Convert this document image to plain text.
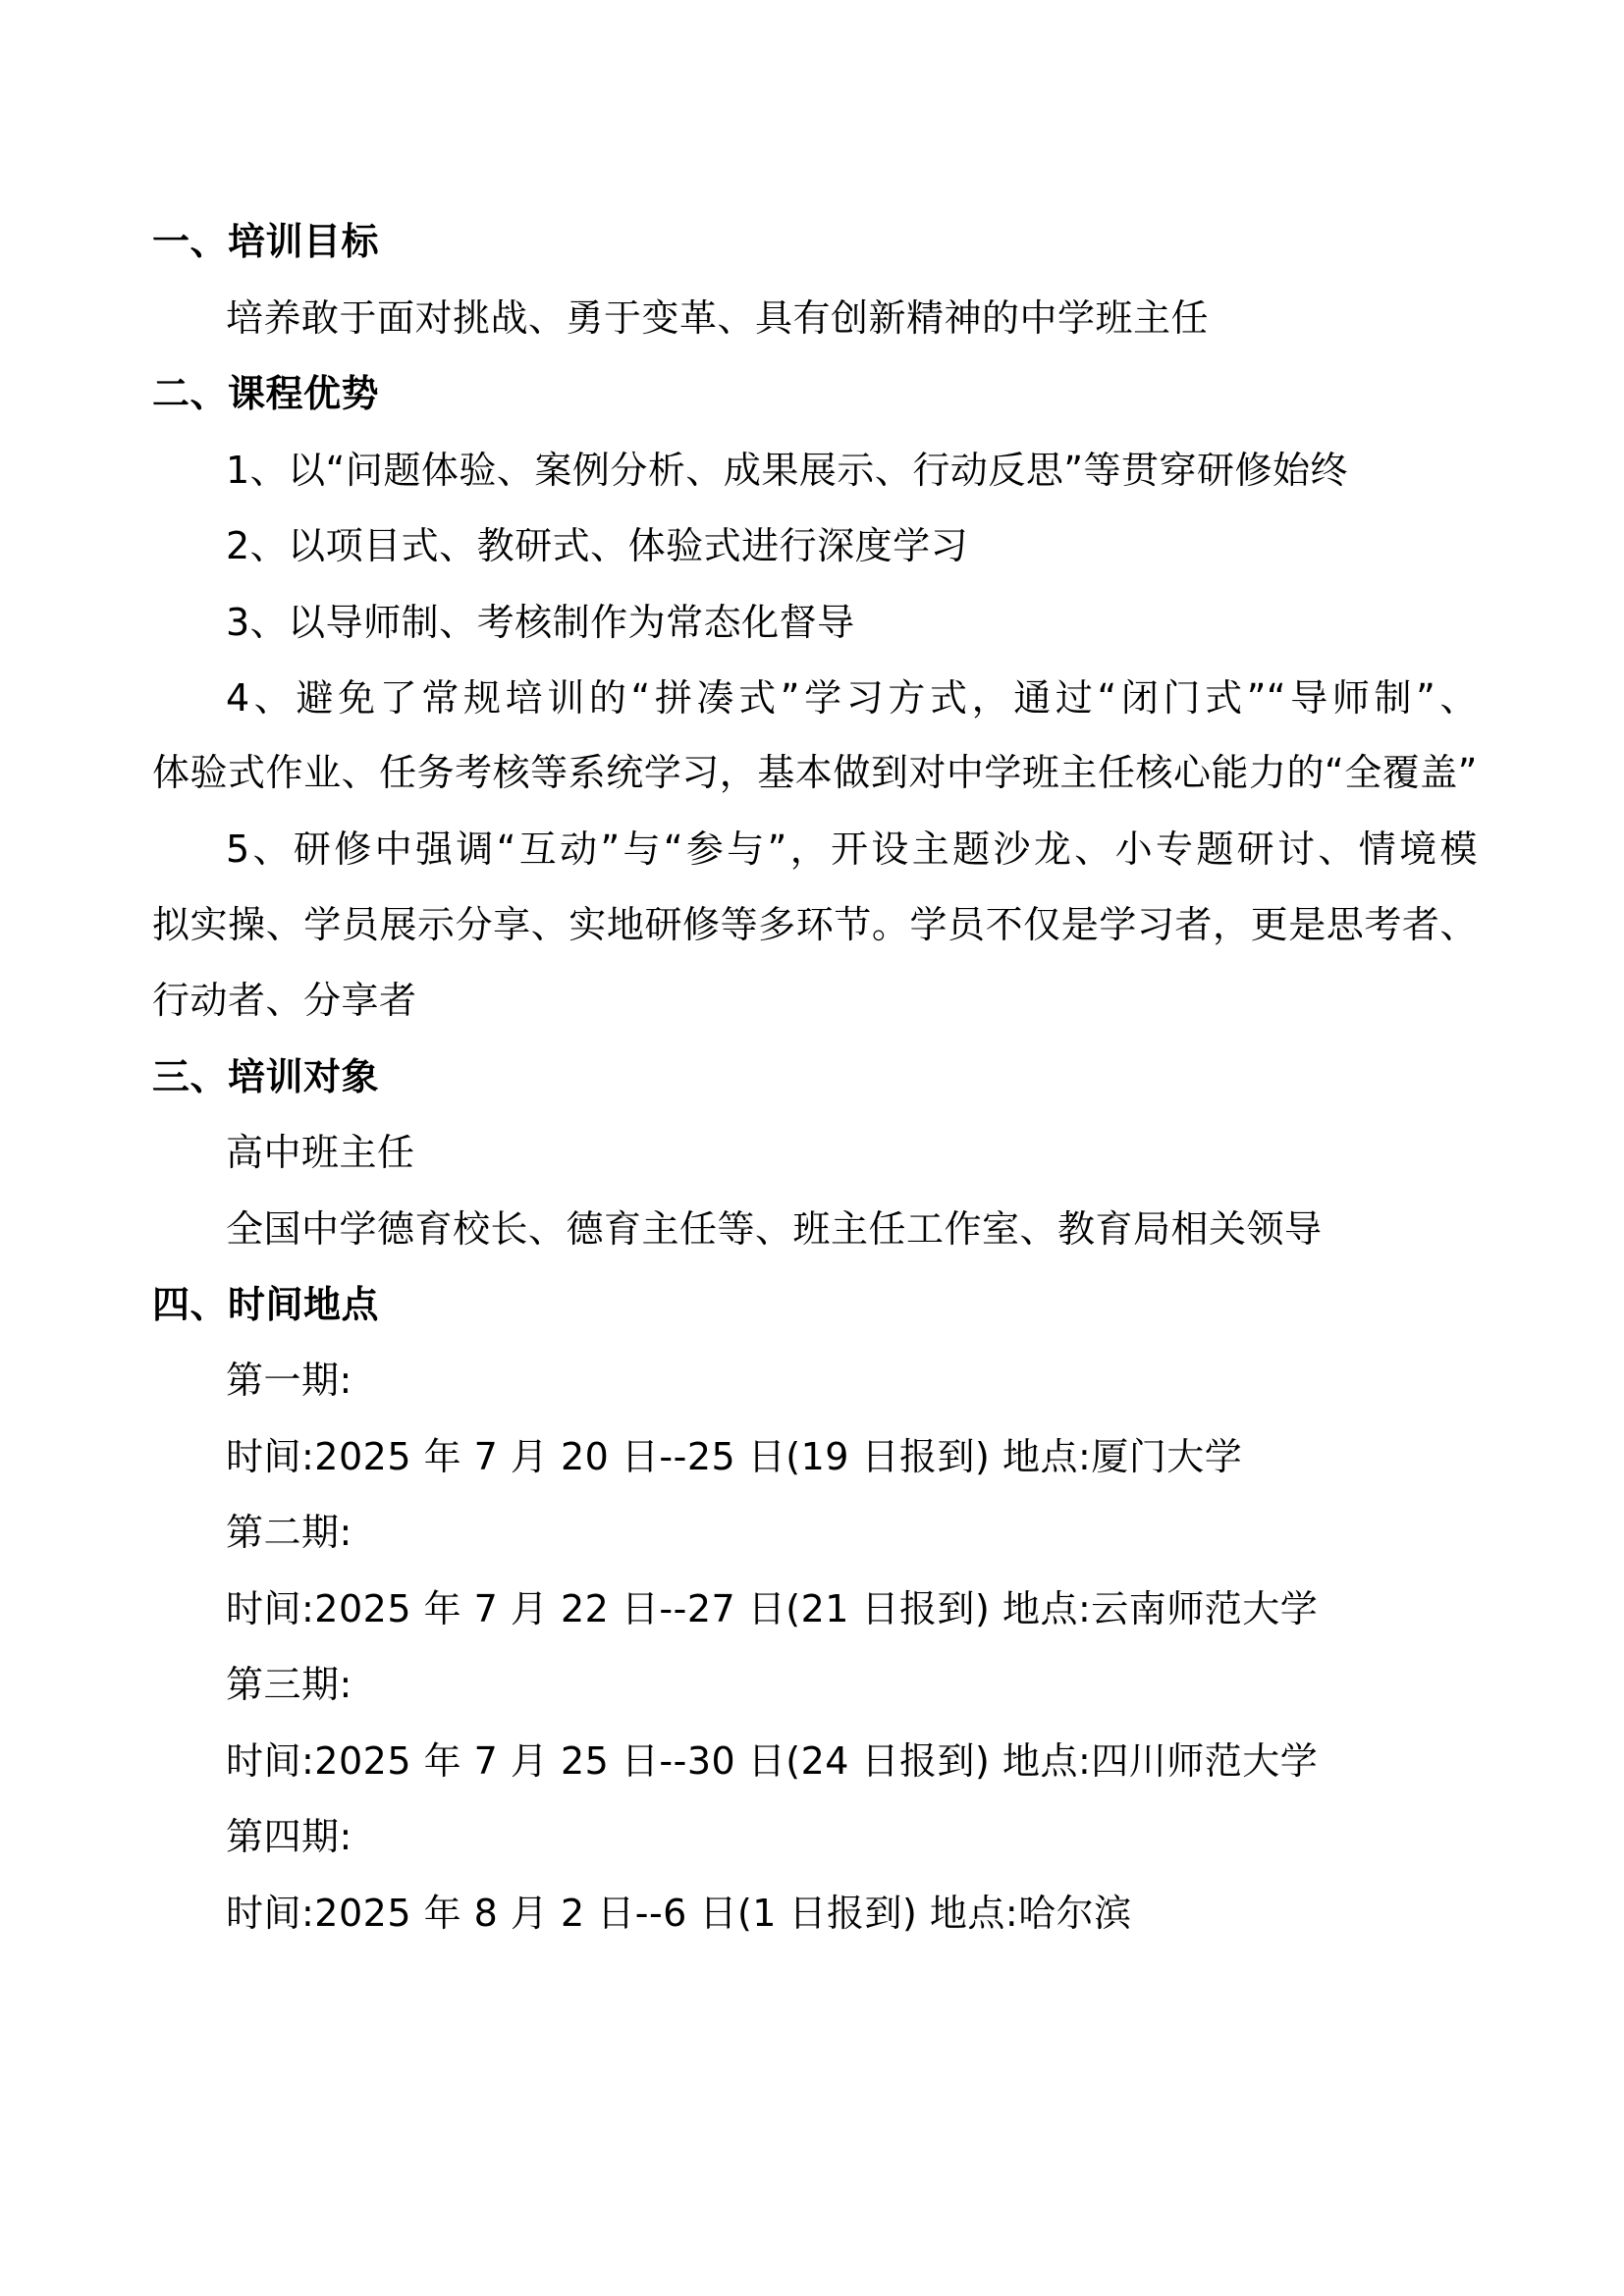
一、培训目标
培养敢于面对挑战、勇于变革、具有创新精神的中学班主任
二、课程优势
1、以“问题体验、案例分析、成果展示、行动反思”等贯穿研修始终
2、以项目式、教研式、体验式进行深度学习
3、以导师制、考核制作为常态化督导
4、避免了常规培训的“拼凑式”学习方式，通过“闭门式”“导师制”、
体验式作业、任务考核等系统学习，基本做到对中学班主任核心能力的“全覆盖”
5、研修中强调“互动”与“参与”，开设主题沙龙、小专题研讨、情境模
拟实操、学员展示分享、实地研修等多环节。学员不仅是学习者，更是思考者、
行动者、分享者
三、培训对象
高中班主任
全国中学德育校长、德育主任等、班主任工作室、教育局相关领导
四、时间地点
第一期:
时间:2025 年 7 月 20 日--25 日(19 日报到) 地点:厦门大学
第二期:
时间:2025 年 7 月 22 日--27 日(21 日报到) 地点:云南师范大学
第三期:
时间:2025 年 7 月 25 日--30 日(24 日报到) 地点:四川师范大学
第四期:
时间:2025 年 8 月 2 日--6 日(1 日报到) 地点:哈尔滨
